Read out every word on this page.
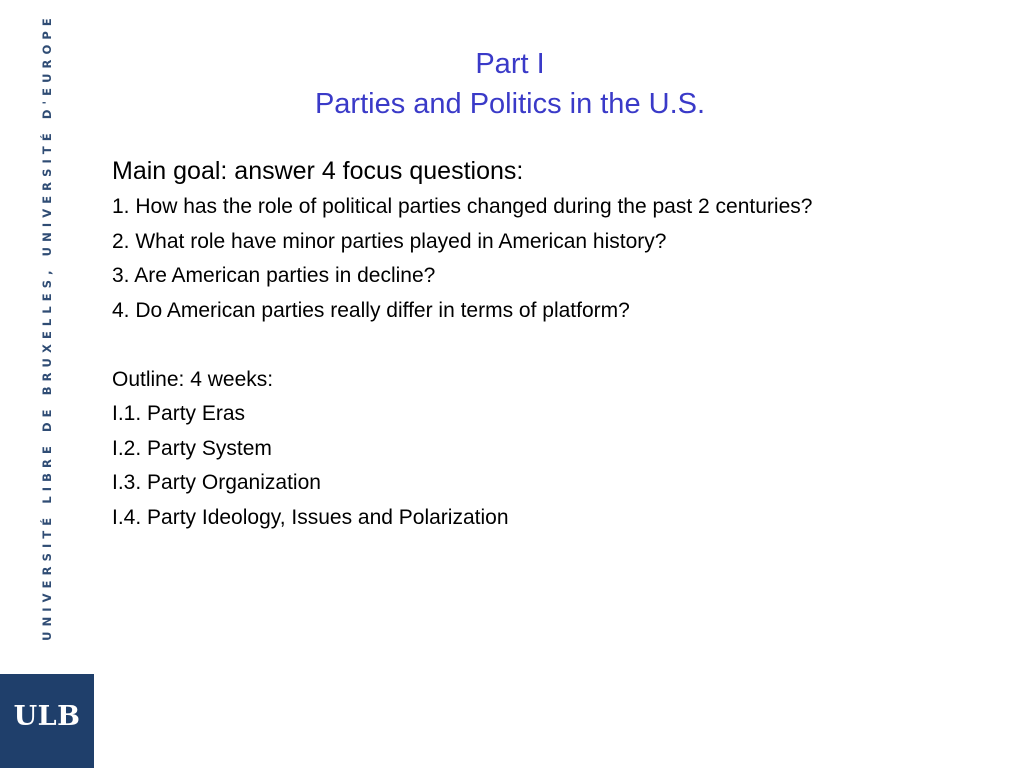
UNIVERSITÉ LIBRE DE BRUXELLES, UNIVERSITÉ D'EUROPE
ULB
Part I
Parties and Politics in the U.S.

Main goal: answer 4 focus questions:

1. How has the role of political parties changed during the past 2 centuries?

2. What role have minor parties played in American history?

3. Are American parties in decline?

4. Do American parties really differ in terms of platform?

Outline: 4 weeks:

I.1. Party Eras

I.2. Party System

I.3. Party Organization

I.4. Party Ideology, Issues and Polarization
